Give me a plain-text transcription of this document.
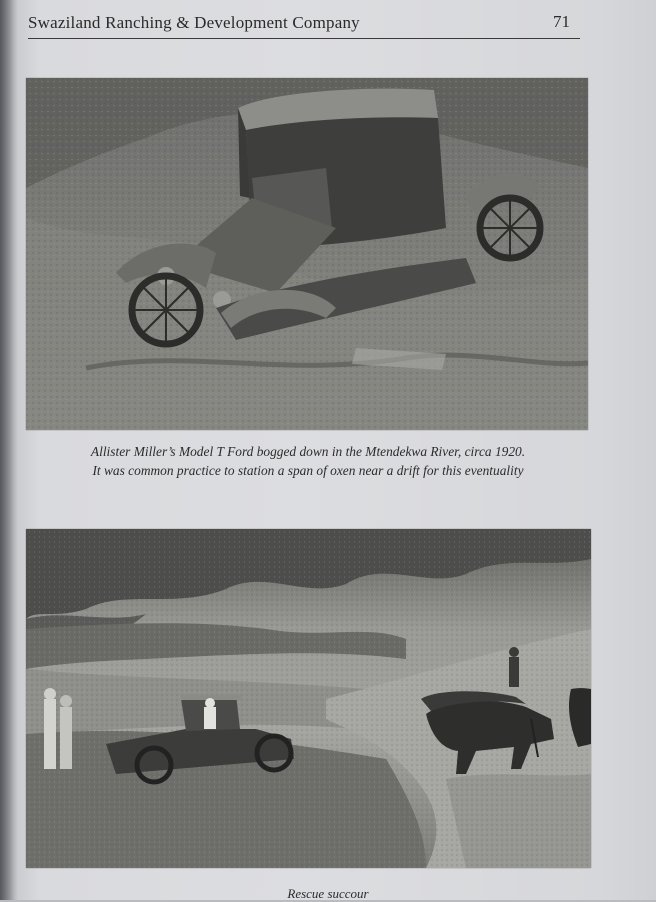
Swaziland Ranching & Development Company	71
Allister Miller’s Model T Ford bogged down in the Mtendekwa River, circa 1920.
It was common practice to station a span of oxen near a drift for this eventuality
Rescue succour
